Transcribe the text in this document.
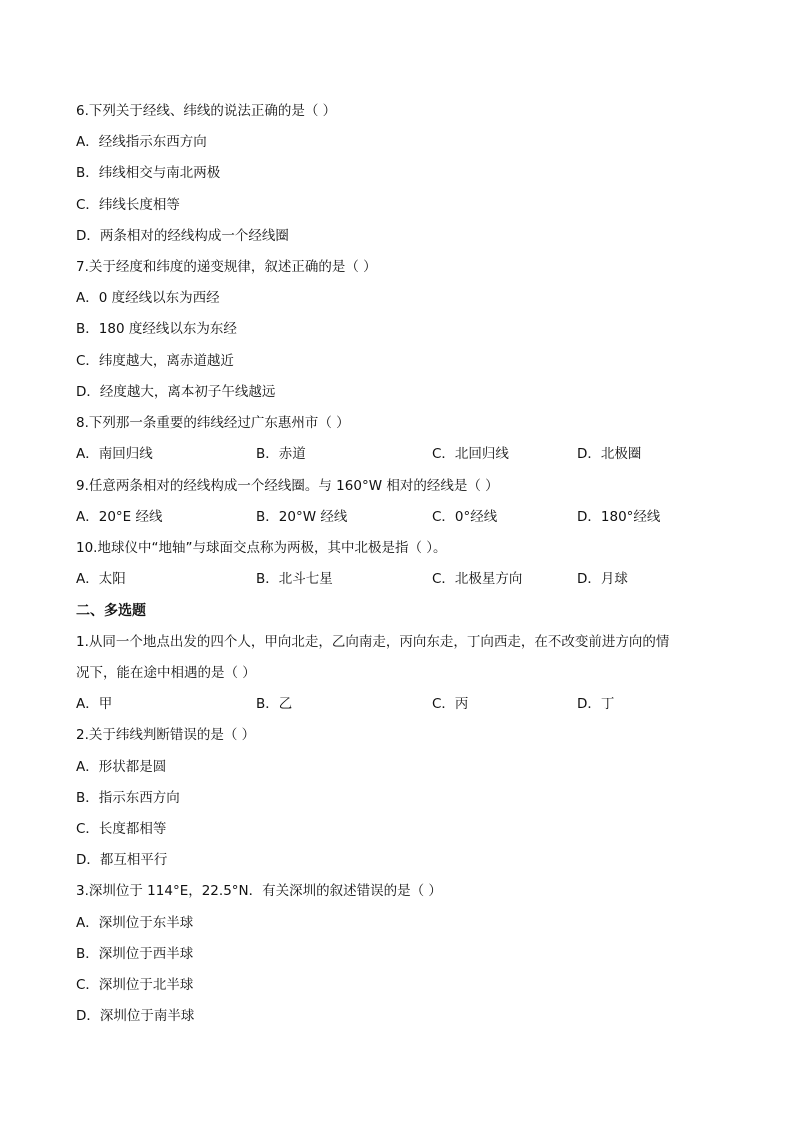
6.下列关于经线、纬线的说法正确的是（ ）
A．经线指示东西方向
B．纬线相交与南北两极
C．纬线长度相等
D．两条相对的经线构成一个经线圈
7.关于经度和纬度的递变规律，叙述正确的是（ ）
A．0 度经线以东为西经
B．180 度经线以东为东经
C．纬度越大，离赤道越近
D．经度越大，离本初子午线越远
8.下列那一条重要的纬线经过广东惠州市（ ）
A．南回归线	B．赤道	C．北回归线	D．北极圈
9.任意两条相对的经线构成一个经线圈。与 160°W 相对的经线是（ ）
A．20°E 经线	B．20°W 经线	C．0°经线	D．180°经线
10.地球仪中“地轴”与球面交点称为两极，其中北极是指（ ）。
A．太阳	B．北斗七星	C．北极星方向	D．月球
二、多选题
1.从同一个地点出发的四个人，甲向北走，乙向南走，丙向东走，丁向西走，在不改变前进方向的情
况下，能在途中相遇的是（ ）
A．甲	B．乙	C．丙	D．丁
2.关于纬线判断错误的是（ ）
A．形状都是圆
B．指示东西方向
C．长度都相等
D．都互相平行
3.深圳位于 114°E，22.5°N．有关深圳的叙述错误的是（ ）
A．深圳位于东半球
B．深圳位于西半球
C．深圳位于北半球
D．深圳位于南半球
